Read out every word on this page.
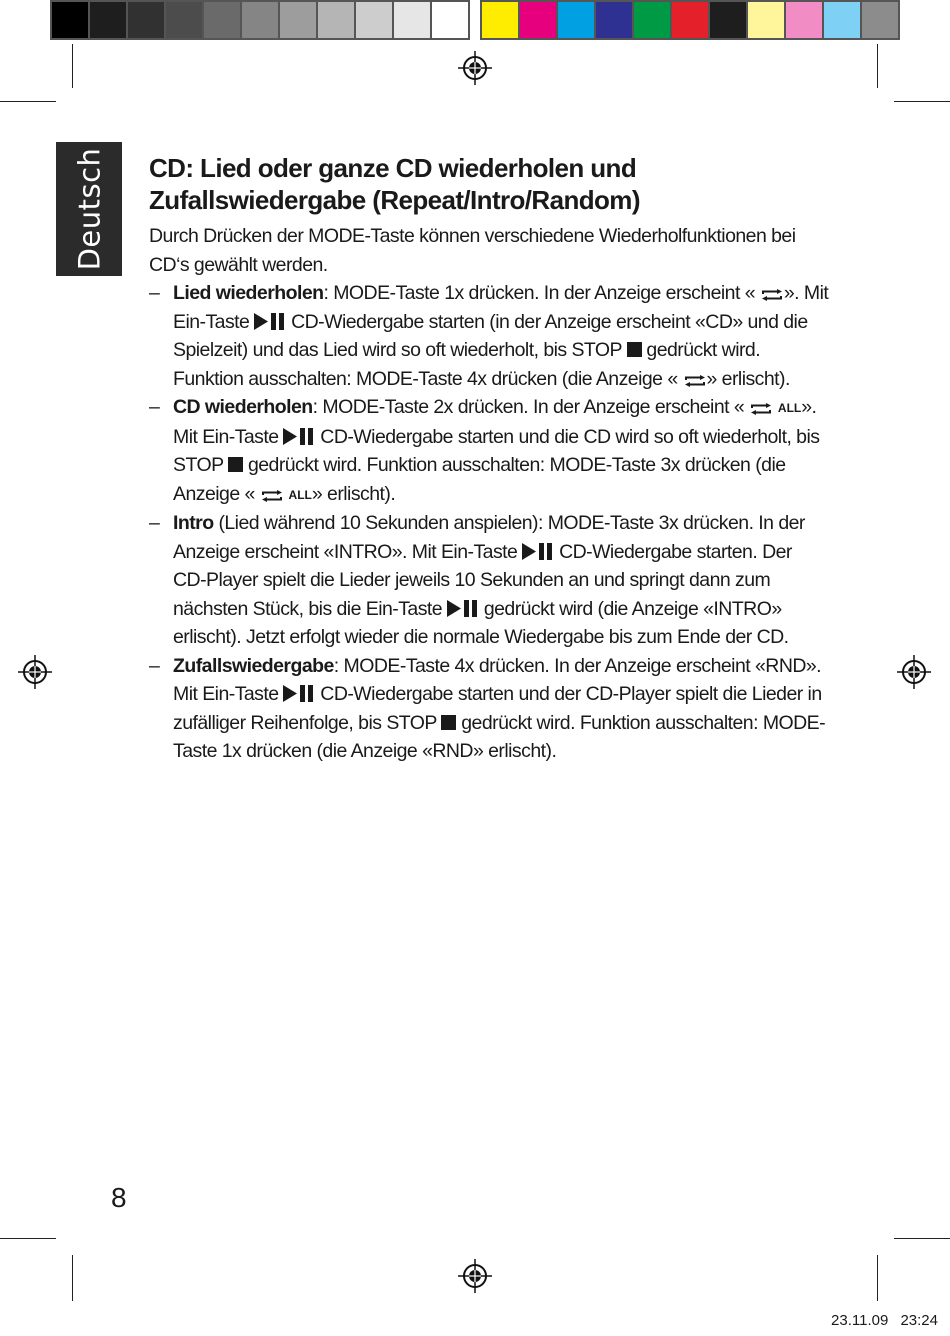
Deutsch CD: Lied oder ganze CD wiederholen und
Zufallswiedergabe (Repeat/Intro/Random)

Durch Drücken der MODE-Taste können verschiedene Wiederholfunktionen bei CD‘s gewählt werden.

– Lied wiederholen: MODE-Taste 1x drücken. In der Anzeige erscheint « ». Mit Ein-Taste CD-Wiedergabe starten (in der Anzeige erscheint «CD» und die Spielzeit) und das Lied wird so oft wiederholt, bis STOP gedrückt wird. Funktion ausschalten: MODE-Taste 4x drücken (die Anzeige « » erlischt).
– CD wiederholen: MODE-Taste 2x drücken. In der Anzeige erscheint «	ALL». Mit Ein-Taste CD-Wiedergabe starten und die CD wird so oft wiederholt, bis STOP gedrückt wird. Funktion ausschalten: MODE-Taste 3x drücken (die Anzeige «	ALL» erlischt).
– Intro (Lied während 10 Sekunden anspielen): MODE-Taste 3x drücken. In der Anzeige erscheint «INTRO». Mit Ein-Taste CD-Wiedergabe starten. Der CD-Player spielt die Lieder jeweils 10 Sekunden an und springt dann zum nächsten Stück, bis die Ein-Taste gedrückt wird (die Anzeige «INTRO» erlischt). Jetzt erfolgt wieder die normale Wiedergabe bis zum Ende der CD.
– Zufallswiedergabe: MODE-Taste 4x drücken. In der Anzeige erscheint «RND». Mit Ein-Taste CD-Wiedergabe starten und der CD-Player spielt die Lieder in zufälliger Reihenfolge, bis STOP gedrückt wird. Funktion ausschalten: MODE-Taste 1x drücken (die Anzeige «RND» erlischt).
8
23.11.09 23:24
